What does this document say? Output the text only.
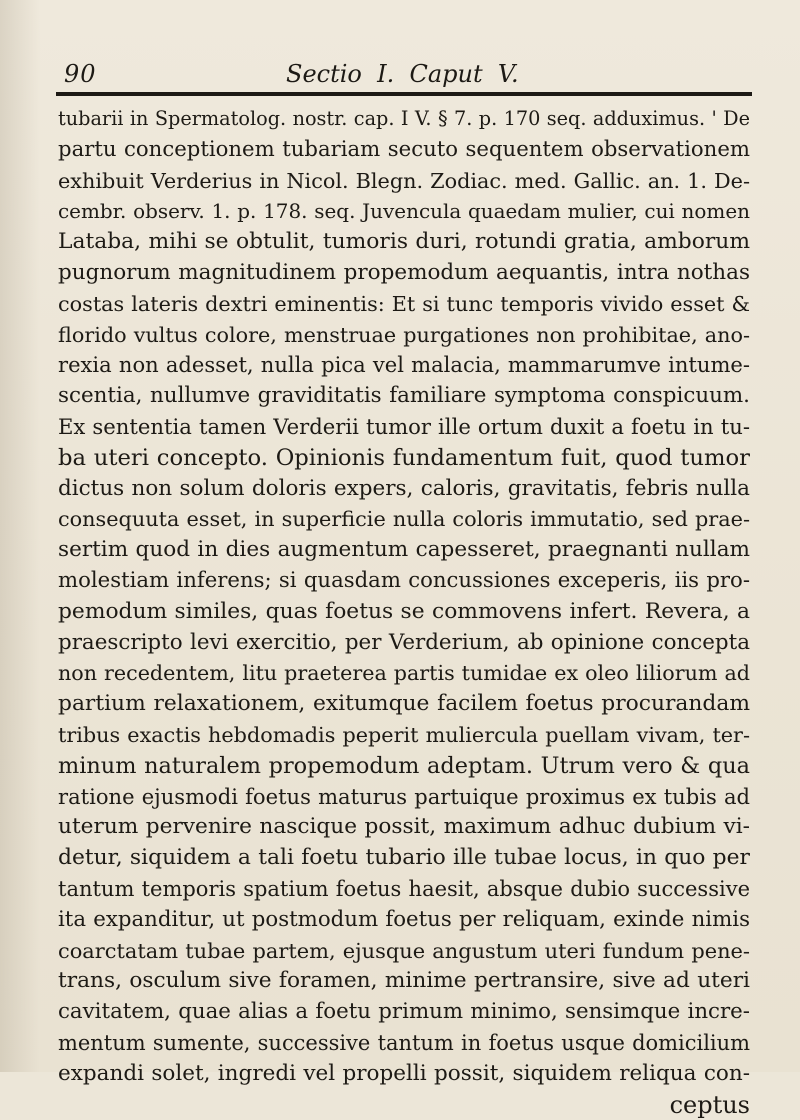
90	Sectio  I.  Caput  V.
tubarii in Spermatolog. nostr. cap. I V. § 7. p. 170 seq. adduximus. ' De
partu conceptionem tubariam secuto sequentem observationem
exhibuit Verderius in Nicol. Blegn. Zodiac. med. Gallic. an. 1. De-
cembr. observ. 1. p. 178. seq. Juvencula quaedam mulier, cui nomen
Lataba, mihi se obtulit, tumoris duri, rotundi gratia, amborum
pugnorum magnitudinem propemodum aequantis, intra nothas
costas lateris dextri eminentis: Et si tunc temporis vivido esset &
florido vultus colore, menstruae purgationes non prohibitae, ano-
rexia non adesset, nulla pica vel malacia, mammarumve intume-
scentia, nullumve graviditatis familiare symptoma conspicuum.
Ex sententia tamen Verderii tumor ille ortum duxit a foetu in tu-
ba uteri concepto. Opinionis fundamentum fuit, quod tumor
dictus non solum doloris expers, caloris, gravitatis, febris nulla
consequuta esset, in superficie nulla coloris immutatio, sed prae-
sertim quod in dies augmentum capesseret, praegnanti nullam
molestiam inferens; si quasdam concussiones exceperis, iis pro-
pemodum similes, quas foetus se commovens infert. Revera, a
praescripto levi exercitio, per Verderium, ab opinione concepta
non recedentem, litu praeterea partis tumidae ex oleo liliorum ad
partium relaxationem, exitumque facilem foetus procurandam
tribus exactis hebdomadis peperit muliercula puellam vivam, ter-
minum naturalem propemodum adeptam. Utrum vero & qua
ratione ejusmodi foetus maturus partuique proximus ex tubis ad
uterum pervenire nascique possit, maximum adhuc dubium vi-
detur, siquidem a tali foetu tubario ille tubae locus, in quo per
tantum temporis spatium foetus haesit, absque dubio successive
ita expanditur, ut postmodum foetus per reliquam, exinde nimis
coarctatam tubae partem, ejusque angustum uteri fundum pene-
trans, osculum sive foramen, minime pertransire, sive ad uteri
cavitatem, quae alias a foetu primum minimo, sensimque incre-
mentum sumente, successive tantum in foetus usque domicilium
expandi solet, ingredi vel propelli possit, siquidem reliqua con-
ceptus
